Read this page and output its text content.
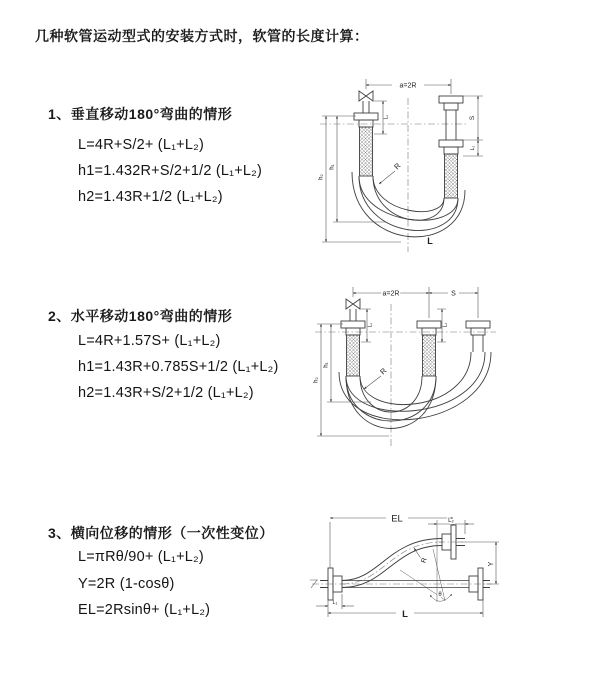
几种软管运动型式的安装方式时，软管的长度计算：
1、垂直移动180°弯曲的情形
L=4R+S/2+ (L₁+L₂)
h1=1.432R+S/2+1/2 (L₁+L₂)
h2=1.43R+1/2 (L₁+L₂)
2、水平移动180°弯曲的情形
L=4R+1.57S+ (L₁+L₂)
h1=1.43R+0.785S+1/2 (L₁+L₂)
h2=1.43R+S/2+1/2 (L₁+L₂)
3、横向位移的情形（一次性变位）
L=πRθ/90+ (L₁+L₂)
Y=2R (1-cosθ)
EL=2Rsinθ+ (L₁+L₂)
a=2R
S
L₂
h₂
h₁
L₁
R
L
a=2R	S
h₂
h₁
L₁	L₂
R
EL	L₂
Y
R
θ
L₁
L
